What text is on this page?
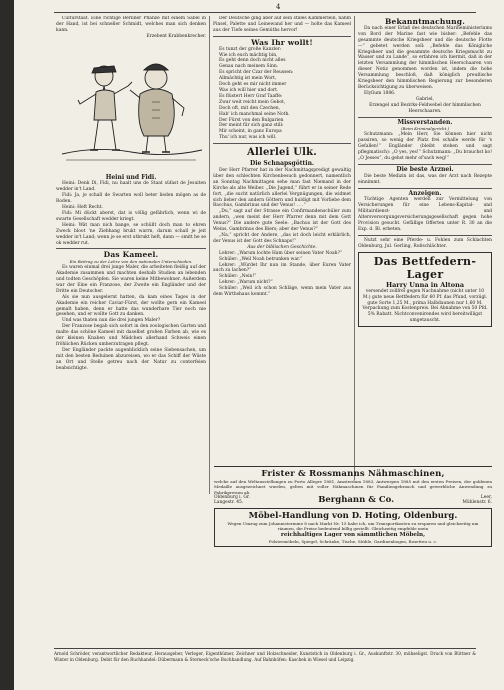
4

Culturstaat. Eine richtige Berliner Pflanze mit einem Sabel in der Hand, ist bei schneller Schmidt, welches man sich denken kann.

Erzebent Krabbenkrecher.

Heini und Fidi.

Heini: Denk Di, Fidi, nu haalt uns de Staat süfast de Jesuiten wedder in't Land.

Fidi: Ja, je schall de Swarten woll beter lieden mögen as de Roden.

Heini: Heft Recht.

Fidi: Mi dückt aberst, dat is völlig gefährlich, wenn wi de swarte Gesellschaft wedder kriegt.

Heini: Wät man nich bange, se schüllt doch man to ehren Zweck bloot 'ne Ziehhang brukt warrn, darum schall je jeit wedder in't Land; wenn je se erst utbrukt heft, dann — smitt he se ok wedder rut.

Das Kameel.

Ein Beitrag zu der Lehre von den nationalen Unterschieden.

Es waren einmal drei junge Maler, die arbeiteten fleißig auf der Akademie zusammen und machten deshalb Studien an lebenden und todten Geschöpfen. Sie waren keine Mitbewohner. Außerdem war der Eine ein Franzose, der Zweite ein Engländer und der Dritte ein Deutscher.

Als sie nun ausgelernt hatten, da kam eines Tages in der Akademie ein reicher Caviar-Fürst, der wollte gern ein Kameel gemalt haben, denn er hatte das wunderbare Tier noch nie gesehen, und er wollte Gott zu danken.

Und was thaten nun die drei jungen Maler?

Der Franzose begab sich sofort in den zoologischen Garten und malte das schöne Kameel mit daselbst großen Farben ab, wie es der kleinen Knaben und Mädchen allerhand Schweis einen fröhlichen Rücken umherzutragen pflegt.

Der Engländer packte augenblicklich seine Siebensachen, um mit den besten Beduinen abzureisen, wo er das Schiff der Wüste an Ort und Stelle getreu nach der Natur zu conterfeien beabsichtigte.

Der Deutsche ging aber auf sein stilles Kämmerlein, nahm Pinsel, Palette und Leinewand her und — holte das Kameel aus der Tiefe seines Gemüths hervor!

Was Ihr wollt!

Es tunzt der große Kanzler:

Wie ich euch mächtig bin,

Es geht denn doch nicht alles

Genau nach meinem Sinn.

Es spricht der Czar der Reussen:

Allmächtig ist mein Wort,

Doch geht es mir nicht immer

Was ich will hier und dort.

Es flüstert Herr Graf Taaffe:

Zwar weit reicht mein Gebot,

Doch oft, mit den Czechen,

Hab' ich manchmal seine Noth.

Der Fürst von den Bulgarien

Der meint für sich ganz still:

Mir scheint, in ganz Europa

Thu' ich nur, was ich will.

Allerlei Ulk.
Die Schnapsgöttin.

Der Herr Pfarrer hat in der Nachmittagspredigt gewaltig über den schlechten Kirchenbesuch gedonnert, namentlich an Sonntag Nachmittagen sehe man fast Niemand in der Kirche als alte Weiber. „Die Jugend,“ führt er in seiner Rede fort, „die sucht natürlich allerlei Vergnügungen, die widmet sich lieber den andern Göttern und huldigt mit Vorliebe dem Bacchus, Gambrinus und der Venus! . . .“

„Du,“ sagt auf der Strasse ein Confirmandenschüler zum andern, „wen meint der Herr Pfarrer denn mit dem Gott Venus?“ Die andere gute Seele: „Bachus ist der Gott des Weins, Gambrinus des Biers; aber der Venus?“

„Na,“ spricht der Andere, „das ist doch leicht erklärlich, der Venus ist der Gott des Schnaps!“

Aus der biblischen Geschichte.

Lehrer: „Warum lochte Ham über seinen Vater Noah?“

Schüler: „Weil Noah betrunken war.“

Lehrer: „Würdet Ihr nun im Stande, über Euren Vater auch zu lachen?“

Schüler: „Nein!“

Lehrer: „Warum nicht?“

Schüler: „Weil ich schon Schläge, wenn mein Vater aus dem Wirthshaus kommt.“

Bekanntmachung.

Da nach einer Erlaß des deutschen Marineministeriums von Bord der Marine fast wie bisher: „Befehle das gesammte deutsche Kriegsheer und die deutsche Flotte —“ gebetet werden soll: „Befehle das Königliche Kriegsheer und die gesammte deutsche Kriegsmacht zu Wasser und zu Lande“, so erfahren ich hiermit, daß in der letzten Versammlung der himmlischen Heerschaaren von dieser Notiz genommen worden ist, indem die hohe Versammlung beschloß, daß königlich preußische Kriegsheer den himmlischen Regierung zur besonderen Berücksichtigung zu überweisen.

Elyſium 1886.

Gabriel,

Erzengel und Bezirks-Feldwebel der himmlischen Heerschaaren.

Missverstanden.

(Beim Kriminalgericht.)

Schutzmann: „Mein Herr, Sie können hier nicht passiren, so wenig der Platz frei schalle werde für 's Gefallen!“ Engländer (bleibt stehen und sagt pflegmatisch): „O yes, yes!“ Schutzmann: „Du brauchst ko! „O Jesses“, du gehst mehr of'sach weg!“

Die beste Arznei.

Die beste Medizin ist das, was der Arzt nach Rezepte einnimmt.

Anzeigen.

Tüchtige Agenten werden zur Vermittelung von Versicherungen für eine Lebens-Kapital- und Militairdienst- und Altersversorgungsversicherungsgesellschaft gegen hohe Provision gesucht. Gefällige Offerten unter R. 30 an die Exp. d. Bl. erbeten.

Nutzt sehr eine Pferde- u. Fohlen zum Schlachten Oldenburg, Jul. Gerling, Roßschlächter.

Das Bettfedern-Lager

Harry Unna in Altona

versendet zollfrei gegen Nachnahme (nicht unter 10 M.) gute neue Bettfedern für 60 Pf. das Pfund, vorzügl. gute Sorte 1,25 M., prima Halbdaunen nur 1,60 M. Verpackung zum Kostenpreis. Bei Abnahme von 50 Pfd. 5% Rabatt. Nichtconvenirendes wird bereitwilligst umgetauscht.

Frister & Rossmanns Nähmaschinen,
welche auf den Weltausstellungen zu Porto Allegre 1881, Amsterdam 1883, Antwerpen 1885 mit den ersten Preisen, der goldenen Medaille ausgezeichnet wurden, gelten mit voller Nähmaschinen für Familiengebrauch und gewerbliche Anwendung zu Fabrikpreisen ab.
Oldenburg i. Gr.
Langestr. 45.	Berghann & Co.	Leer,
Mühlenstr. 6.
Möbel-Handlung von D. Hoting, Oldenburg.
Wegen Umzug zum Johannistermine 8 nach Markt Nr. 15 habe ich, um Transportkosten zu ersparen und gleichzeitig um räumen, die Preise bedeutend billig gestellt. Gleichzeitig empfehle mein
reichhaltiges Lager von sämmtlichen Möbeln,
Polstermöbeln, Spiegel, Schränke, Tische, Stühle, Gardinenbogen, Rosetten u. c.

Arnold Schröder, verantwortlicher Redakteur, Herausgeber, Verleger, Eigenthümer, Zeichner und Holzschneider, Kunststich in Oldenburg i. Gr., Auskunftstr. 30, mühseligst. Druck von Büttner & Winter in Oldenburg. Debit für den Buchhandel: Dübermann & Sterneck'sche Buchhandlung. Auf Bahnhöfen: Kaschek in Wiesel und Leipzig.
